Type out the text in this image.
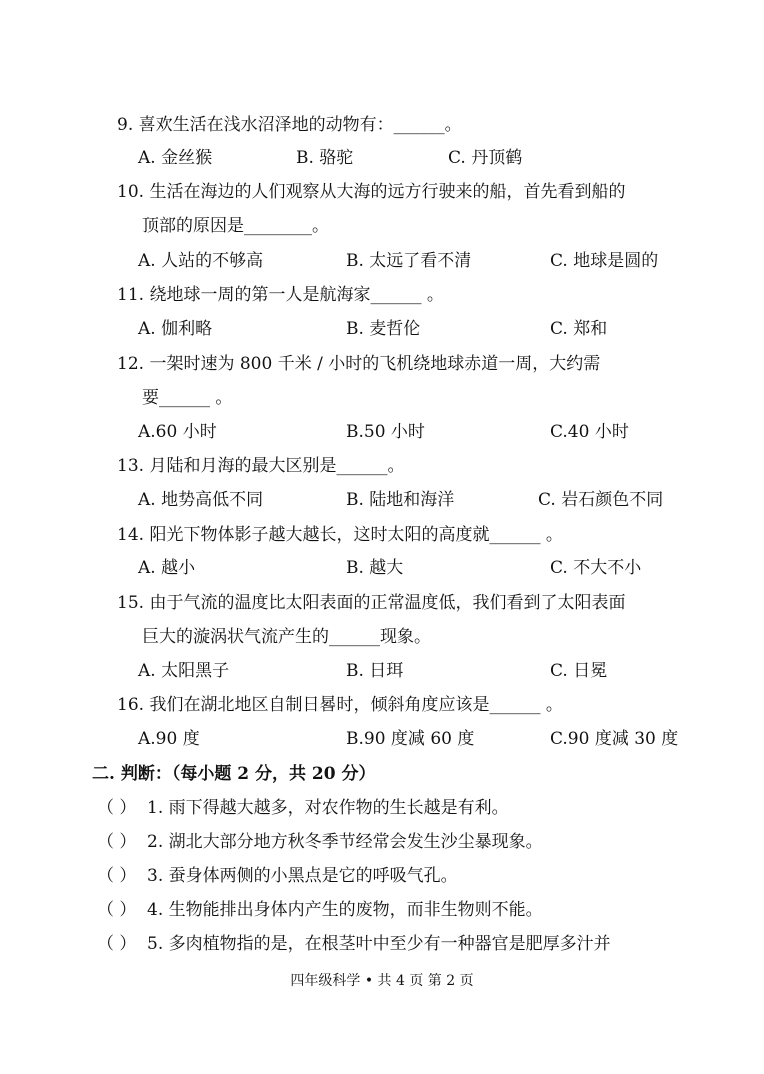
9. 喜欢生活在浅水沼泽地的动物有：______。
A. 金丝猴	B. 骆驼	C. 丹顶鹤
10. 生活在海边的人们观察从大海的远方行驶来的船，首先看到船的
顶部的原因是________。
A. 人站的不够高	B. 太远了看不清	C. 地球是圆的
11. 绕地球一周的第一人是航海家______ 。
A. 伽利略	B. 麦哲伦	C. 郑和
12. 一架时速为 800 千米 / 小时的飞机绕地球赤道一周，大约需
要______ 。
A.60 小时	B.50 小时	C.40 小时
13. 月陆和月海的最大区别是______。
A. 地势高低不同	B. 陆地和海洋	C. 岩石颜色不同
14. 阳光下物体影子越大越长，这时太阳的高度就______ 。
A. 越小	B. 越大	C. 不大不小
15. 由于气流的温度比太阳表面的正常温度低，我们看到了太阳表面
巨大的漩涡状气流产生的______现象。
A. 太阳黑子	B. 日珥	C. 日冕
16. 我们在湖北地区自制日晷时，倾斜角度应该是______ 。
A.90 度	B.90 度减 60 度	C.90 度减 30 度
二. 判断：（每小题 2 分，共 20 分）
（ ） 1. 雨下得越大越多，对农作物的生长越是有利。
（ ） 2. 湖北大部分地方秋冬季节经常会发生沙尘暴现象。
（ ） 3. 蚕身体两侧的小黑点是它的呼吸气孔。
（ ） 4. 生物能排出身体内产生的废物，而非生物则不能。
（ ） 5. 多肉植物指的是，在根茎叶中至少有一种器官是肥厚多汁并
四年级科学 • 共 4 页 第 2 页
